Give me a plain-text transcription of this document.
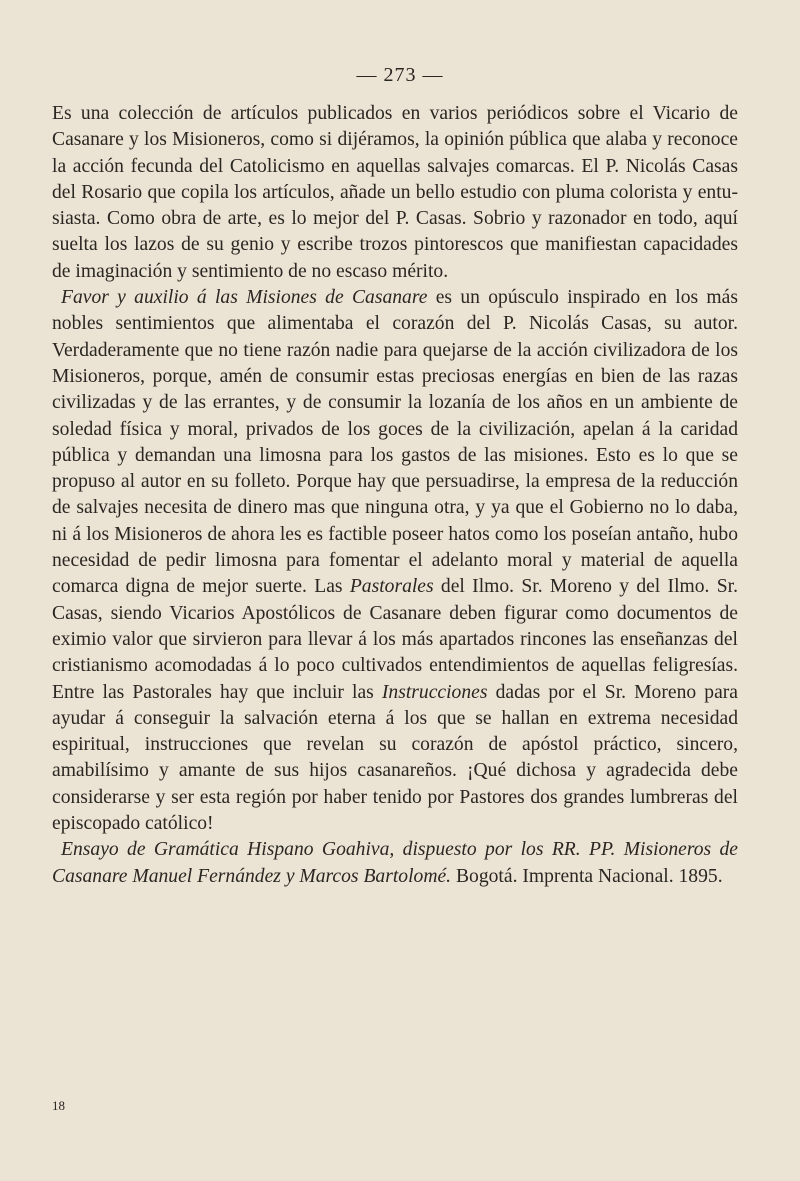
— 273 —

Es una colección de artículos publicados en varios periódicos sobre el Vicario de Casanare y los Misioneros, como si dijéramos, la opinión pública que alaba y reconoce la acción fecunda del Catolicismo en aquellas salvajes comarcas. El P. Nicolás Casas del Rosario que copila los artículos, añade un bello estudio con pluma colorista y entusiasta. Como obra de arte, es lo mejor del P. Casas. Sobrio y razonador en todo, aquí suelta los lazos de su genio y escribe trozos pintorescos que manifiestan capacidades de imaginación y sentimiento de no escaso mérito.

Favor y auxilio á las Misiones de Casanare es un opúsculo inspirado en los más nobles sentimientos que alimentaba el corazón del P. Nicolás Casas, su autor. Verdaderamente que no tiene razón nadie para quejarse de la acción civilizadora de los Misioneros, porque, amén de consumir estas preciosas energías en bien de las razas civilizadas y de las errantes, y de consumir la lozanía de los años en un ambiente de soledad física y moral, privados de los goces de la civilización, apelan á la caridad pública y demandan una limosna para los gastos de las misiones. Esto es lo que se propuso al autor en su folleto. Porque hay que persuadirse, la empresa de la reducción de salvajes necesita de dinero mas que ninguna otra, y ya que el Gobierno no lo daba, ni á los Misioneros de ahora les es factible poseer hatos como los poseían antaño, hubo necesidad de pedir limosna para fomentar el adelanto moral y material de aquella comarca digna de mejor suerte. Las Pastorales del Ilmo. Sr. Moreno y del Ilmo. Sr. Casas, siendo Vicarios Apostólicos de Casanare deben figurar como documentos de eximio valor que sirvieron para llevar á los más apartados rincones las enseñanzas del cristianismo acomodadas á lo poco cultivados entendimientos de aquellas feligresías. Entre las Pastorales hay que incluir las Instrucciones dadas por el Sr. Moreno para ayudar á conseguir la salvación eterna á los que se hallan en extrema necesidad espiritual, instrucciones que revelan su corazón de apóstol práctico, sincero, amabilísimo y amante de sus hijos casanareños. ¡Qué dichosa y agradecida debe considerarse y ser esta región por haber tenido por Pastores dos grandes lumbreras del episcopado católico!

Ensayo de Gramática Hispano Goahiva, dispuesto por los RR. PP. Misioneros de Casanare Manuel Fernández y Marcos Bartolomé. Bogotá. Imprenta Nacional. 1895.

18
